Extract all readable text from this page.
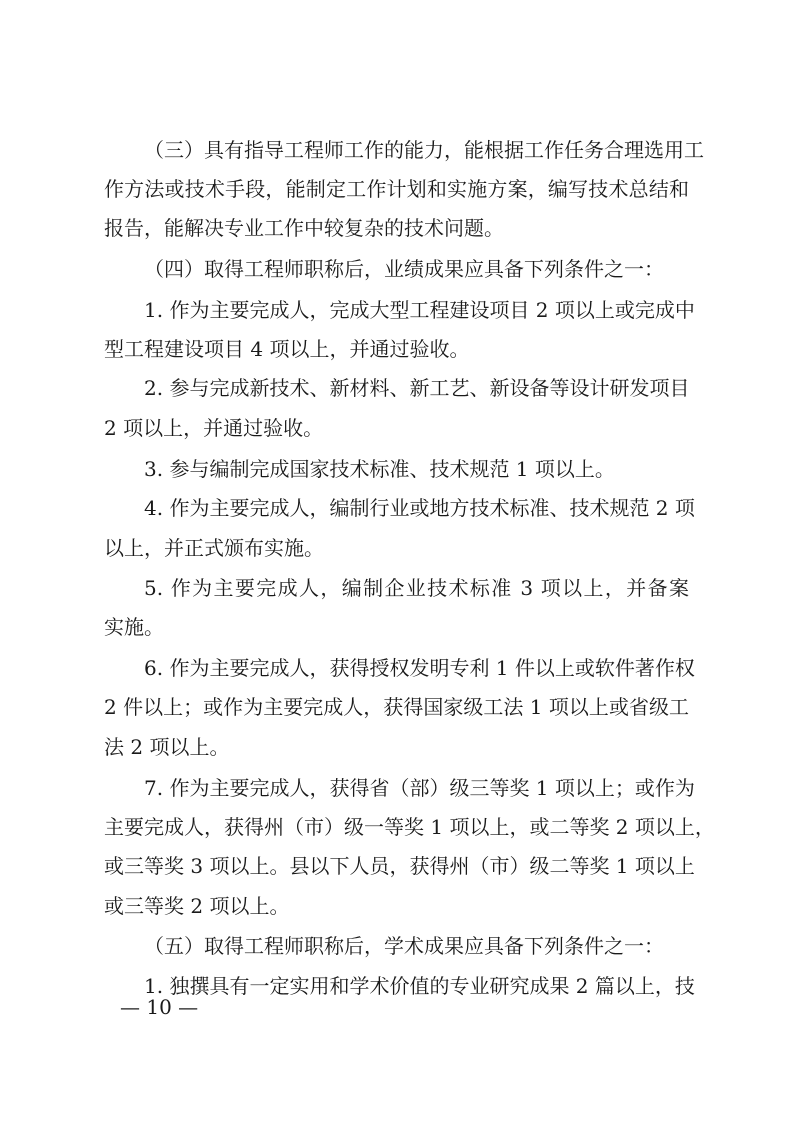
（三）具有指导工程师工作的能力，能根据工作任务合理选用工
作方法或技术手段，能制定工作计划和实施方案，编写技术总结和
报告，能解决专业工作中较复杂的技术问题。
（四）取得工程师职称后，业绩成果应具备下列条件之一：
1. 作为主要完成人，完成大型工程建设项目 2 项以上或完成中
型工程建设项目 4 项以上，并通过验收。
2. 参与完成新技术、新材料、新工艺、新设备等设计研发项目
2 项以上，并通过验收。
3. 参与编制完成国家技术标准、技术规范 1 项以上。
4. 作为主要完成人，编制行业或地方技术标准、技术规范 2 项
以上，并正式颁布实施。
5. 作为主要完成人，编制企业技术标准 3 项以上，并备案
实施。
6. 作为主要完成人，获得授权发明专利 1 件以上或软件著作权
2 件以上；或作为主要完成人，获得国家级工法 1 项以上或省级工
法 2 项以上。
7. 作为主要完成人，获得省（部）级三等奖 1 项以上；或作为
主要完成人，获得州（市）级一等奖 1 项以上，或二等奖 2 项以上，
或三等奖 3 项以上。县以下人员，获得州（市）级二等奖 1 项以上
或三等奖 2 项以上。
（五）取得工程师职称后，学术成果应具备下列条件之一：
1. 独撰具有一定实用和学术价值的专业研究成果 2 篇以上，技
— 10 —
